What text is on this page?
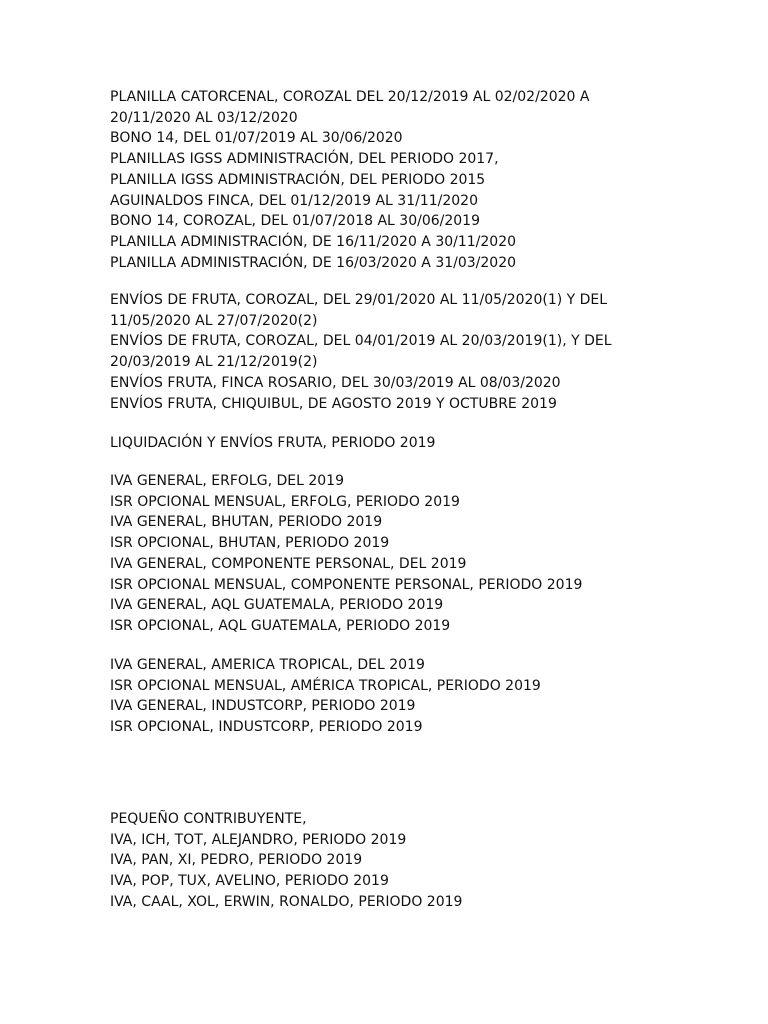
PLANILLA CATORCENAL, COROZAL DEL 20/12/2019 AL 02/02/2020 A
20/11/2020 AL 03/12/2020
BONO 14, DEL 01/07/2019 AL 30/06/2020
PLANILLAS IGSS ADMINISTRACIÓN, DEL PERIODO 2017,
PLANILLA IGSS ADMINISTRACIÓN, DEL PERIODO 2015
AGUINALDOS FINCA, DEL 01/12/2019 AL 31/11/2020
BONO 14, COROZAL, DEL 01/07/2018 AL 30/06/2019
PLANILLA ADMINISTRACIÓN, DE 16/11/2020 A 30/11/2020
PLANILLA ADMINISTRACIÓN, DE 16/03/2020 A 31/03/2020
ENVÍOS DE FRUTA, COROZAL, DEL 29/01/2020 AL 11/05/2020(1) Y DEL
11/05/2020 AL 27/07/2020(2)
ENVÍOS DE FRUTA, COROZAL, DEL 04/01/2019 AL 20/03/2019(1), Y DEL
20/03/2019 AL 21/12/2019(2)
ENVÍOS FRUTA, FINCA ROSARIO, DEL 30/03/2019 AL 08/03/2020
ENVÍOS FRUTA, CHIQUIBUL, DE AGOSTO 2019 Y OCTUBRE 2019
LIQUIDACIÓN Y ENVÍOS FRUTA, PERIODO 2019
IVA GENERAL, ERFOLG, DEL 2019
ISR OPCIONAL MENSUAL, ERFOLG, PERIODO 2019
IVA GENERAL, BHUTAN, PERIODO 2019
ISR OPCIONAL, BHUTAN, PERIODO 2019
IVA GENERAL, COMPONENTE PERSONAL, DEL 2019
ISR OPCIONAL MENSUAL, COMPONENTE PERSONAL, PERIODO 2019
IVA GENERAL, AQL GUATEMALA, PERIODO 2019
ISR OPCIONAL, AQL GUATEMALA, PERIODO 2019
IVA GENERAL, AMERICA TROPICAL, DEL 2019
ISR OPCIONAL MENSUAL, AMÉRICA TROPICAL, PERIODO 2019
IVA GENERAL, INDUSTCORP, PERIODO 2019
ISR OPCIONAL, INDUSTCORP, PERIODO 2019
PEQUEÑO CONTRIBUYENTE,
IVA, ICH, TOT, ALEJANDRO, PERIODO 2019
IVA, PAN, XI, PEDRO, PERIODO 2019
IVA, POP, TUX, AVELINO, PERIODO 2019
IVA, CAAL, XOL, ERWIN, RONALDO, PERIODO 2019
